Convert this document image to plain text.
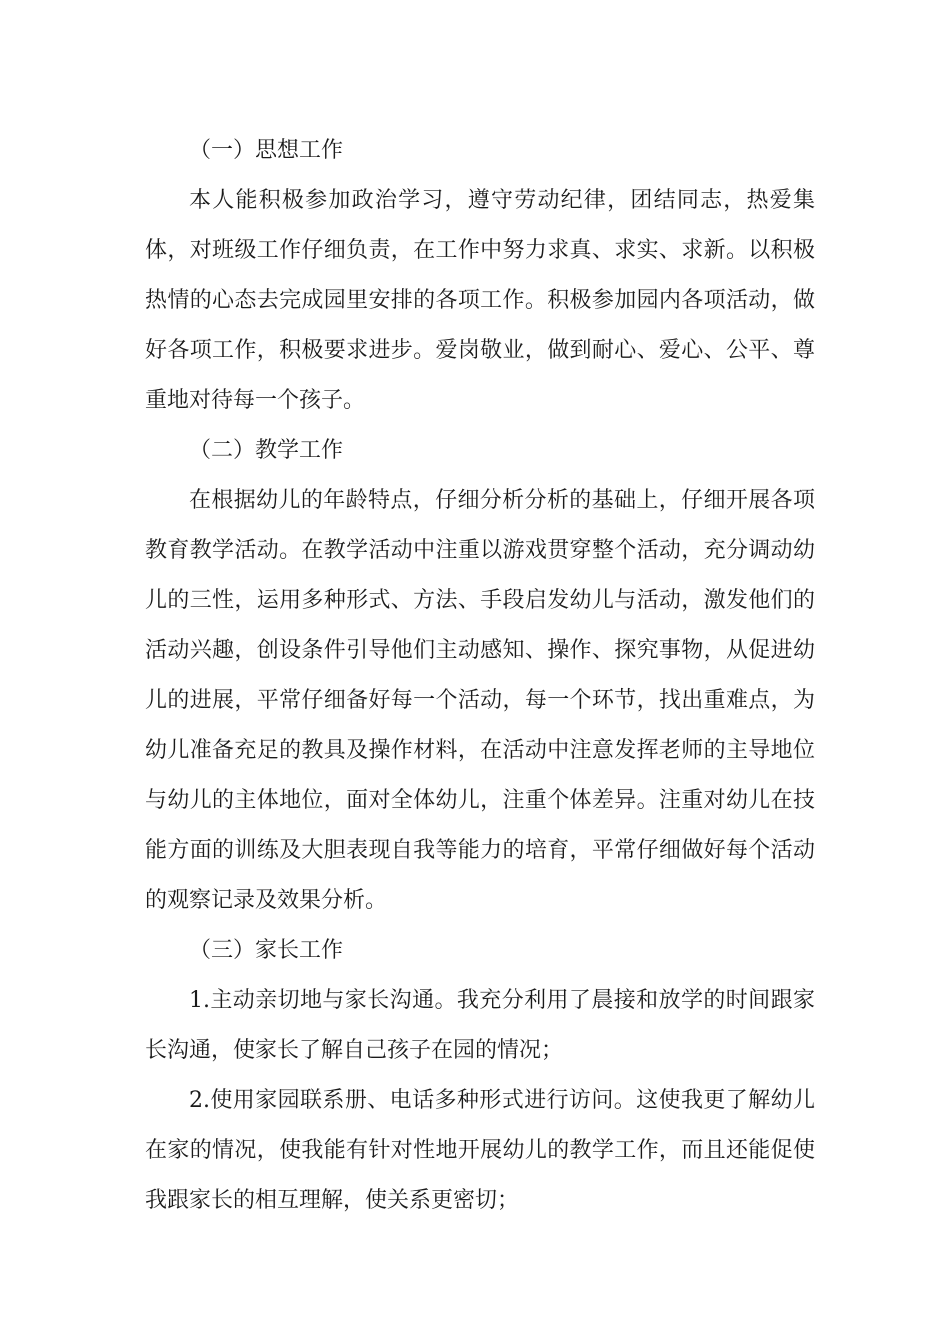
（一）思想工作

本人能积极参加政治学习，遵守劳动纪律，团结同志，热爱集体，对班级工作仔细负责，在工作中努力求真、求实、求新。以积极热情的心态去完成园里安排的各项工作。积极参加园内各项活动，做好各项工作，积极要求进步。爱岗敬业，做到耐心、爱心、公平、尊重地对待每一个孩子。

（二）教学工作

在根据幼儿的年龄特点，仔细分析分析的基础上，仔细开展各项教育教学活动。在教学活动中注重以游戏贯穿整个活动，充分调动幼儿的三性，运用多种形式、方法、手段启发幼儿与活动，激发他们的活动兴趣，创设条件引导他们主动感知、操作、探究事物，从促进幼儿的进展，平常仔细备好每一个活动，每一个环节，找出重难点，为幼儿准备充足的教具及操作材料，在活动中注意发挥老师的主导地位与幼儿的主体地位，面对全体幼儿，注重个体差异。注重对幼儿在技能方面的训练及大胆表现自我等能力的培育，平常仔细做好每个活动的观察记录及效果分析。

（三）家长工作

1.主动亲切地与家长沟通。我充分利用了晨接和放学的时间跟家长沟通，使家长了解自己孩子在园的情况；

2.使用家园联系册、电话多种形式进行访问。这使我更了解幼儿在家的情况，使我能有针对性地开展幼儿的教学工作，而且还能促使我跟家长的相互理解，使关系更密切；
